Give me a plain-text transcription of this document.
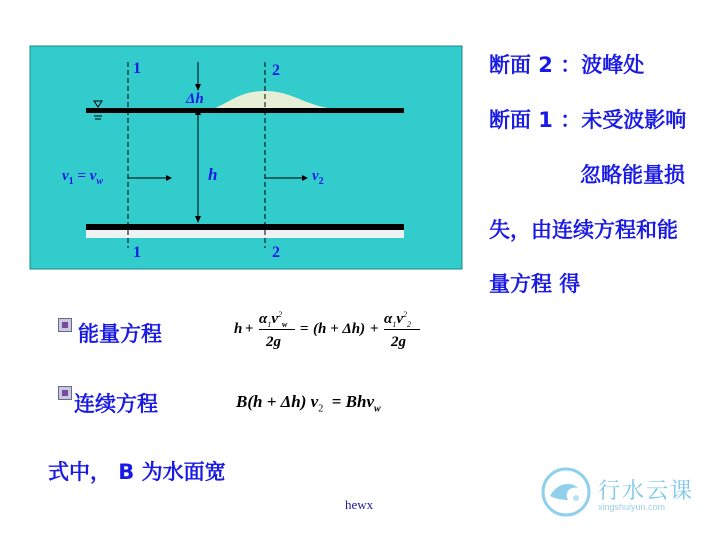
1	2
1	2
Δh
h
$v_1 = v_w$	$v_2$
断面 2 ：波峰处
断面 1 ：未受波影响
忽略能量损
失，由连续方程和能
量方程 得
能量方程	h +
$\alpha_1v^2_w$
2g
= (h + Δh) +
$\alpha_1v^2_2$
2g
连续方程	B(h + Δh) $v_2 = Bhv_w$
式中， B 为水面宽
hewx
行水云课
xingshuiyun.com
